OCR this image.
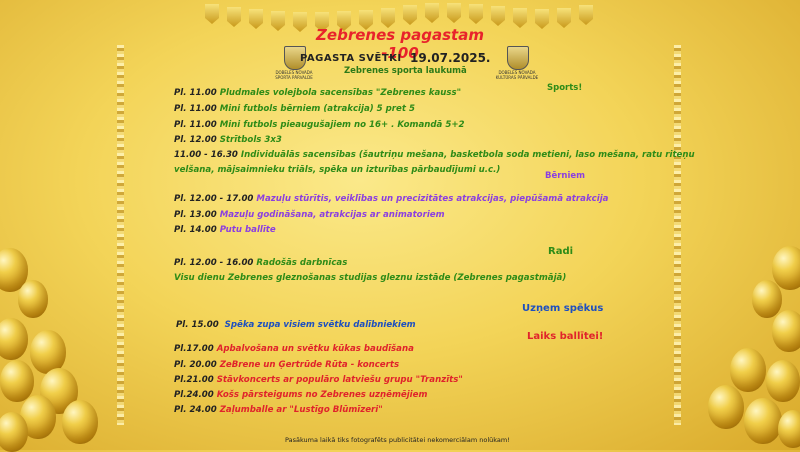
DOBELES NOVADA SPORTA PĀRVALDE
DOBELES NOVADA KULTŪRAS PĀRVALDE
Zebrenes pagastam -100
PAGASTA SVĒTKI 19.07.2025.
Zebrenes sporta laukumā
Sports!
Bērniem
Radi
Uzņem spēkus
Laiks ballītei!
Pl. 11.00 Pludmales volejbola sacensības "Zebrenes kauss"
Pl. 11.00 Mini futbols bērniem (atrakcija) 5 pret 5
Pl. 11.00 Mini futbols pieaugušajiem no 16+ . Komandā 5+2
Pl. 12.00 Strītbols 3x3
11.00 - 16.30 Individuālās sacensības (šautriņu mešana, basketbola soda metieni, laso mešana, ratu riteņu
velšana, mājsaimnieku triāls, spēka un izturības pārbaudījumi u.c.)
Pl. 12.00 - 17.00 Mazuļu stūrītis, veiklības un precizitātes atrakcijas, piepūšamā atrakcija
Pl. 13.00 Mazuļu godināšana, atrakcijas ar animatoriem
Pl. 14.00 Putu ballīte
Pl. 12.00 - 16.00 Radošās darbnīcas
Visu dienu Zebrenes gleznošanas studijas gleznu izstāde (Zebrenes pagastmājā)
Pl. 15.00 Spēka zupa visiem svētku dalībniekiem
Pl.17.00 Apbalvošana un svētku kūkas baudīšana
Pl. 20.00 ZeBrene un Ģertrūde Rūta - koncerts
Pl.21.00 Stāvkoncerts ar populāro latviešu grupu "Tranzīts"
Pl.24.00 Košs pārsteigums no Zebrenes uzņēmējiem
Pl. 24.00 Zaļumballe ar "Lustīgo Blūmīzeri"
Pasākuma laikā tiks fotografēts publicitātei nekomerciālam nolūkam!
